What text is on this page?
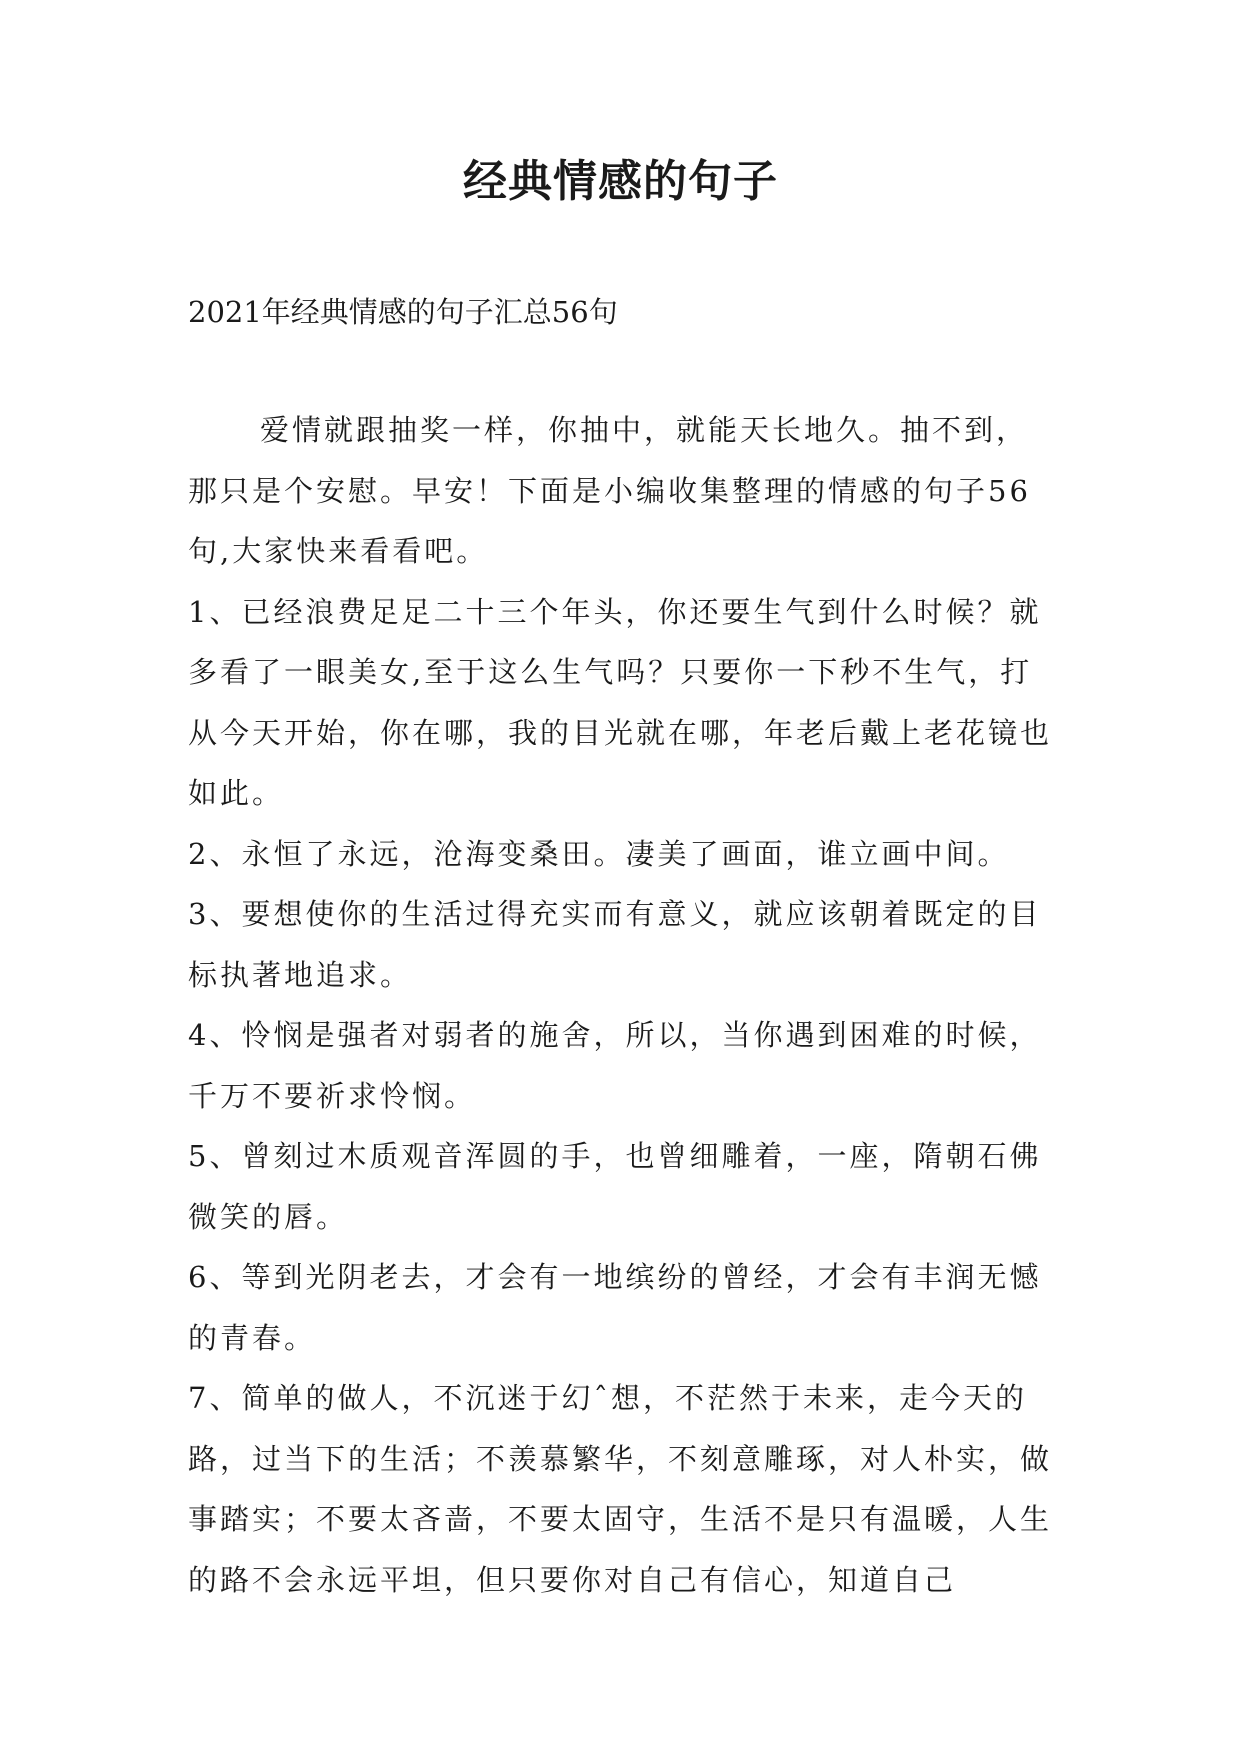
经典情感的句子

2021年经典情感的句子汇总56句

爱情就跟抽奖一样，你抽中，就能天长地久。抽不到，那只是个安慰。早安！下面是小编收集整理的情感的句子56句,大家快来看看吧。

1、已经浪费足足二十三个年头，你还要生气到什么时候？就多看了一眼美女,至于这么生气吗？只要你一下秒不生气，打从今天开始，你在哪，我的目光就在哪，年老后戴上老花镜也如此。

2、永恒了永远，沧海变桑田。凄美了画面，谁立画中间。

3、要想使你的生活过得充实而有意义，就应该朝着既定的目标执著地追求。

4、怜悯是强者对弱者的施舍，所以，当你遇到困难的时候，千万不要祈求怜悯。

5、曾刻过木质观音浑圆的手，也曾细雕着，一座，隋朝石佛微笑的唇。

6、等到光阴老去，才会有一地缤纷的曾经，才会有丰润无憾的青春。

7、简单的做人，不沉迷于幻ˆ想，不茫然于未来，走今天的路，过当下的生活；不羡慕繁华，不刻意雕琢，对人朴实，做事踏实；不要太吝啬，不要太固守，生活不是只有温暖，人生的路不会永远平坦，但只要你对自己有信心，知道自己
